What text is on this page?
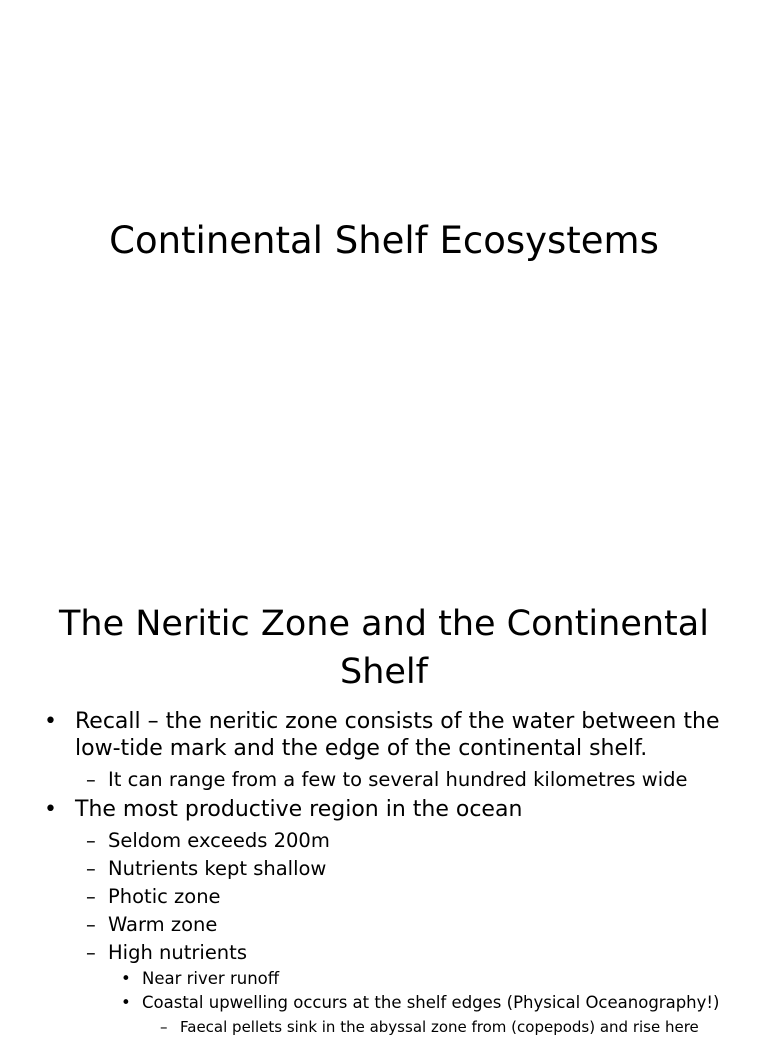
Continental Shelf Ecosystems
The Neritic Zone and the Continental Shelf
• Recall – the neritic zone consists of the water between the low-tide mark and the edge of the continental shelf.
– It can range from a few to several hundred kilometres wide
• The most productive region in the ocean
– Seldom exceeds 200m
– Nutrients kept shallow
– Photic zone
– Warm zone
– High nutrients
• Near river runoff
• Coastal upwelling occurs at the shelf edges (Physical Oceanography!)
– Faecal pellets sink in the abyssal zone from (copepods) and rise here
